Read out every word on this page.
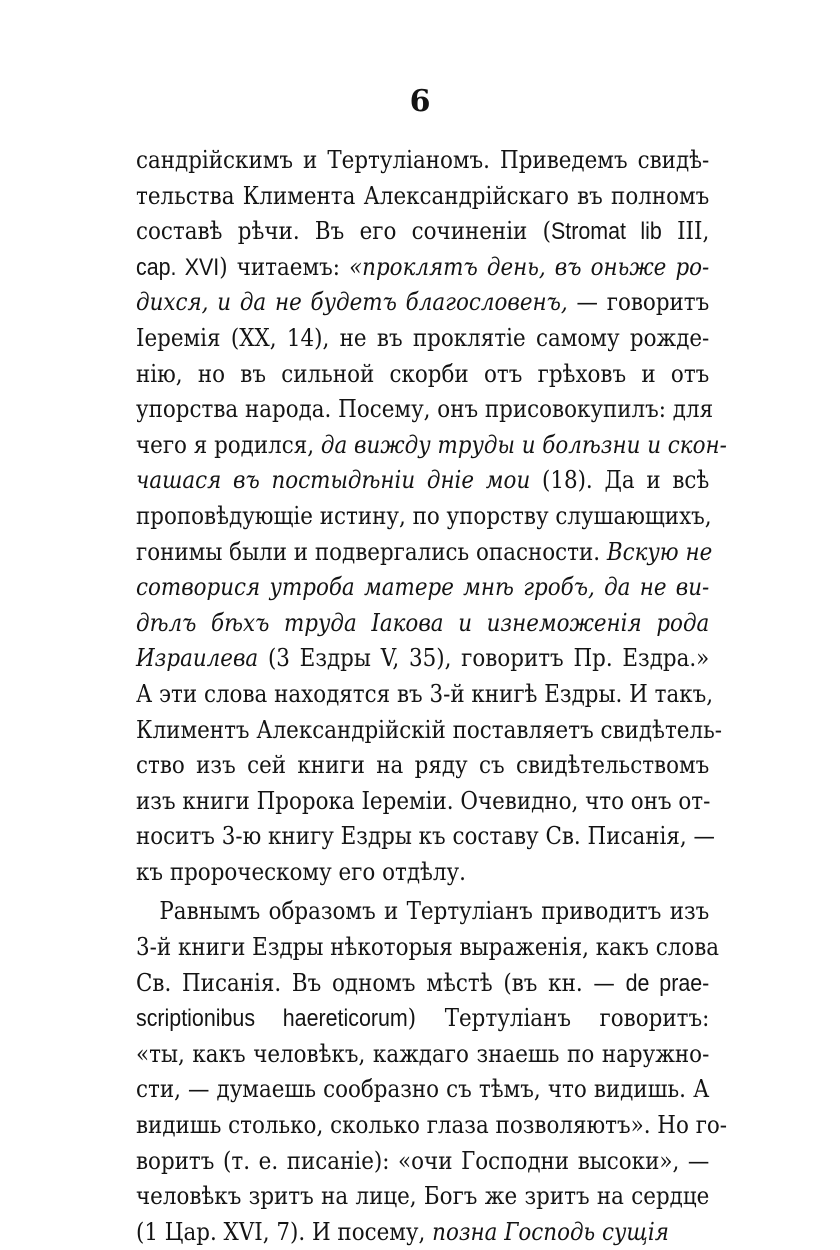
6
сандрійскимъ и Тертуліаномъ. Приведемъ свидѣ-
тельства Климента Александрійскаго въ полномъ
составѣ рѣчи. Въ его сочиненіи (Stromat lib III,
cap. XVI) читаемъ: «проклятъ день, въ оньже ро-
дихся, и да не будетъ благословенъ, — говоритъ
Іеремія (XX, 14), не въ проклятіе самому рожде-
нію, но въ сильной скорби отъ грѣховъ и отъ
упорства народа. Посему, онъ присовокупилъ: для
чего я родился, да вижду труды и болѣзни и скон-
чашася въ постыдѣніи дніе мои (18). Да и всѣ
проповѣдующіе истину, по упорству слушающихъ,
гонимы были и подвергались опасности. Вскую не
сотворися утроба матере мнѣ гробъ, да не ви-
дѣлъ бѣхъ труда Іакова и изнеможенія рода
Израилева (3 Ездры V, 35), говоритъ Пр. Ездра.»
А эти слова находятся въ 3-й книгѣ Ездры. И такъ,
Климентъ Александрійскій поставляетъ свидѣтель-
ство изъ сей книги на ряду съ свидѣтельствомъ
изъ книги Пророка Іереміи. Очевидно, что онъ от-
носитъ 3-ю книгу Ездры къ составу Св. Писанія, —
къ пророческому его отдѣлу.
Равнымъ образомъ и Тертуліанъ приводитъ изъ
3-й книги Ездры нѣкоторыя выраженія, какъ слова
Св. Писанія. Въ одномъ мѣстѣ (въ кн. — de prae-
scriptionibus haereticorum) Тертуліанъ говоритъ:
«ты, какъ человѣкъ, каждаго знаешь по наружно-
сти, — думаешь сообразно съ тѣмъ, что видишь. А
видишь столько, сколько глаза позволяютъ». Но го-
воритъ (т. е. писаніе): «очи Господни высоки», —
человѣкъ зритъ на лице, Богъ же зритъ на сердце
(1 Цар. XVI, 7). И посему, позна Господь сущія
